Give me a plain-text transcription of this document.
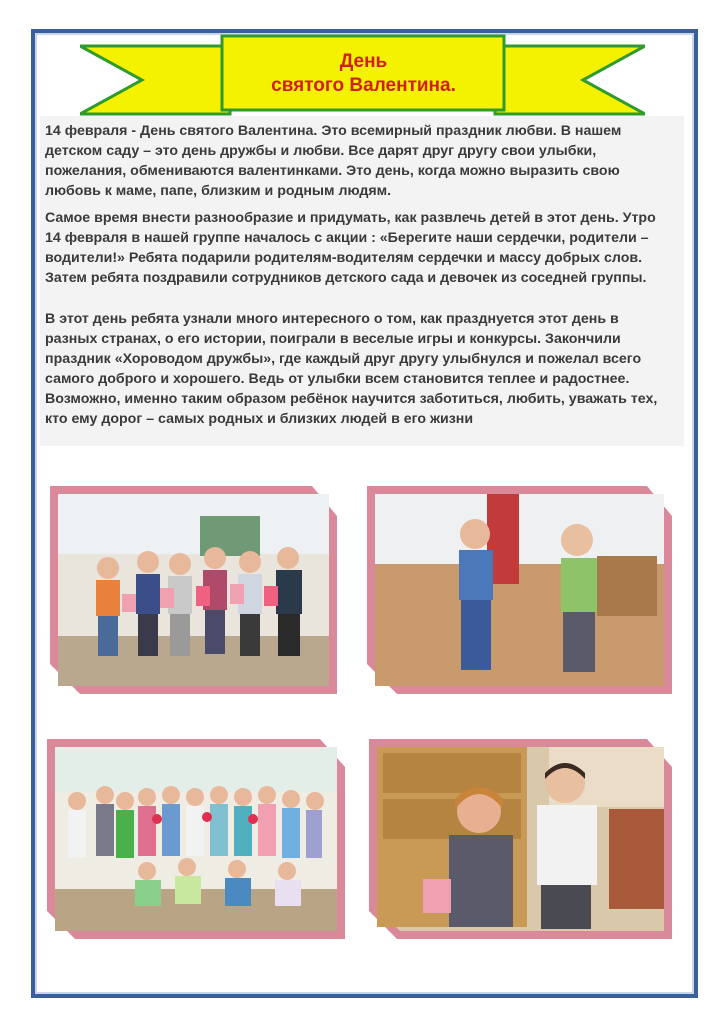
День
святого Валентина.

14 февраля - День святого Валентина. Это всемирный праздник любви. В нашем детском саду – это день дружбы и любви. Все дарят друг другу свои улыбки, пожелания, обмениваются валентинками. Это день, когда можно выразить свою любовь к маме, папе, близким и родным людям.

Самое время внести разнообразие и придумать, как развлечь детей в этот день. Утро 14 февраля в нашей группе началось с акции : «Берегите наши сердечки, родители –водители!» Ребята подарили родителям-водителям сердечки и массу добрых слов. Затем ребята поздравили сотрудников детского сада и девочек из соседней группы.

В этот день ребята узнали много интересного о том, как празднуется этот день в разных странах, о его истории, поиграли в веселые игры и конкурсы. Закончили праздник «Хороводом дружбы», где каждый друг другу улыбнулся и пожелал всего самого доброго и хорошего. Ведь от улыбки всем становится теплее и радостнее. Возможно, именно таким образом ребёнок научится заботиться, любить, уважать тех, кто ему дорог – самых родных и близких людей в его жизни
